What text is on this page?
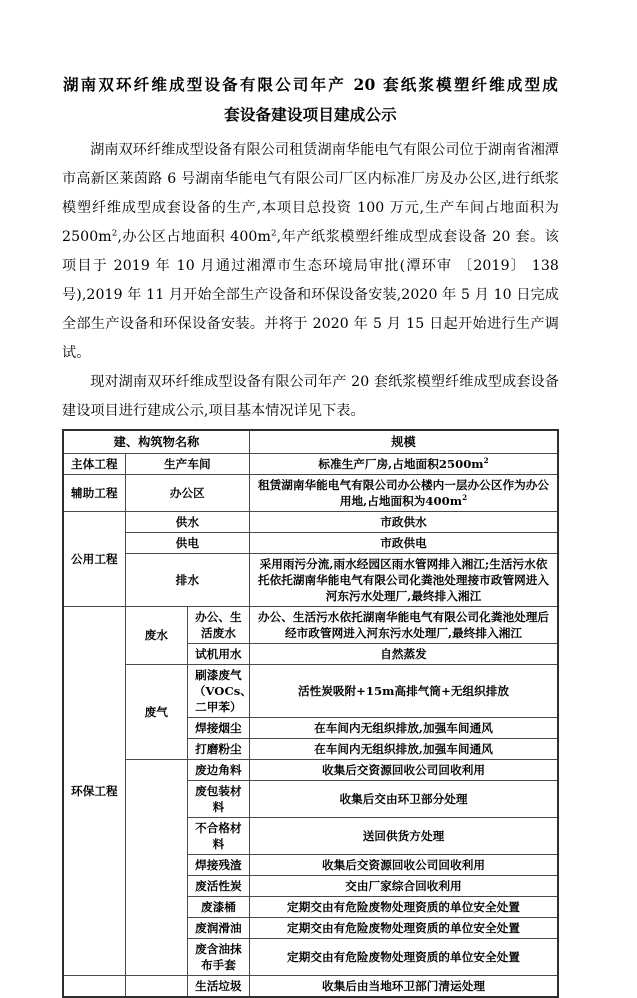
湖南双环纤维成型设备有限公司年产 20 套纸浆模塑纤维成型成
套设备建设项目建成公示

湖南双环纤维成型设备有限公司租赁湖南华能电气有限公司位于湖南省湘潭市高新区莱茵路 6 号湖南华能电气有限公司厂区内标准厂房及办公区,进行纸浆模塑纤维成型成套设备的生产,本项目总投资 100 万元,生产车间占地面积为 $2500m^2$,办公区占地面积 $400m^2$,年产纸浆模塑纤维成型成套设备 20 套。该项目于 2019 年 10 月通过湘潭市生态环境局审批(潭环审 〔2019〕 138 号),2019 年 11 月开始全部生产设备和环保设备安装,2020 年 5 月 10 日完成全部生产设备和环保设备安装。并将于 2020 年 5 月 15 日起开始进行生产调试。

现对湖南双环纤维成型设备有限公司年产 20 套纸浆模塑纤维成型成套设备建设项目进行建成公示,项目基本情况详见下表。

建、构筑物名称			规模
主体工程	生产车间		标准生产厂房,占地面积$2500m^2$
辅助工程	办公区		租赁湖南华能电气有限公司办公楼内一层办公区作为办公用地,占地面积为$400m^2$
公用工程	供水		市政供水
	供电		市政供电
	排水		采用雨污分流,雨水经园区雨水管网排入湘江;生活污水依托依托湖南华能电气有限公司化粪池处理接市政管网进入河东污水处理厂,最终排入湘江
环保工程	废水	办公、生活废水	办公、生活污水依托湖南华能电气有限公司化粪池处理后经市政管网进入河东污水处理厂,最终排入湘江
		试机用水	自然蒸发
	废气	刷漆废气（VOCs、二甲苯）	活性炭吸附+15m高排气筒+无组织排放
		焊接烟尘	在车间内无组织排放,加强车间通风
		打磨粉尘	在车间内无组织排放,加强车间通风
		废边角料	收集后交资源回收公司回收利用
		废包装材料	收集后交由环卫部分处理
		不合格材料	送回供货方处理
		焊接残渣	收集后交资源回收公司回收利用
		废活性炭	交由厂家综合回收利用
		废漆桶	定期交由有危险废物处理资质的单位安全处置
		废润滑油	定期交由有危险废物处理资质的单位安全处置
		废含油抹布手套	定期交由有危险废物处理资质的单位安全处置
		生活垃圾	收集后由当地环卫部门清运处理
